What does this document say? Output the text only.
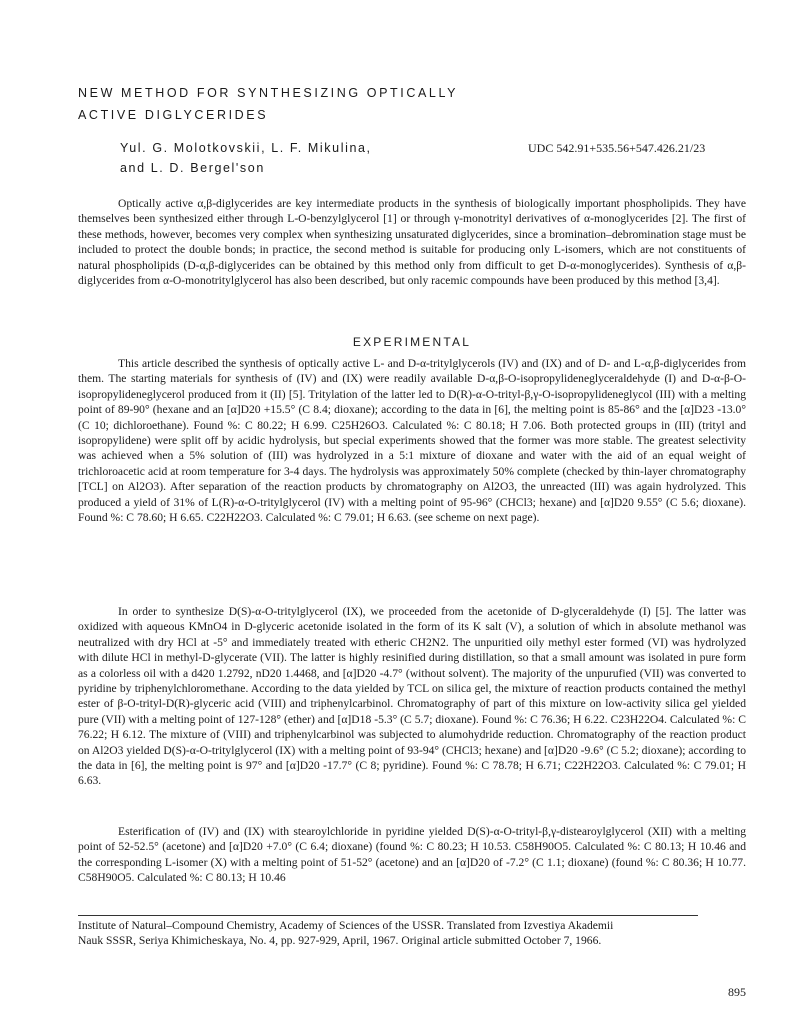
NEW METHOD FOR SYNTHESIZING OPTICALLY
ACTIVE DIGLYCERIDES
Yul. G. Molotkovskii, L. F. Mikulina,
and L. D. Bergel'son
UDC 542.91+535.56+547.426.21/23

Optically active α,β-diglycerides are key intermediate products in the synthesis of biologically important phospholipids. They have themselves been synthesized either through L-O-benzylglycerol [1] or through γ-monotrityl derivatives of α-monoglycerides [2]. The first of these methods, however, becomes very complex when synthesizing unsaturated diglycerides, since a bromination–debromination stage must be included to protect the double bonds; in practice, the second method is suitable for producing only L-isomers, which are not constituents of natural phospholipids (D-α,β-diglycerides can be obtained by this method only from difficult to get D-α-monoglycerides). Synthesis of α,β-diglycerides from α-O-monotritylglycerol has also been described, but only racemic compounds have been produced by this method [3,4].

EXPERIMENTAL

This article described the synthesis of optically active L- and D-α-tritylglycerols (IV) and (IX) and of D- and L-α,β-diglycerides from them. The starting materials for synthesis of (IV) and (IX) were readily available D-α,β-O-isopropylideneglyceraldehyde (I) and D-α-β-O-isopropylideneglycerol produced from it (II) [5]. Tritylation of the latter led to D(R)-α-O-trityl-β,γ-O-isopropylideneglycol (III) with a melting point of 89-90° (hexane and an [α]D20 +15.5° (C 8.4; dioxane); according to the data in [6], the melting point is 85-86° and the [α]D23 -13.0° (C 10; dichloroethane). Found %: C 80.22; H 6.99. C25H26O3. Calculated %: C 80.18; H 7.06. Both protected groups in (III) (trityl and isopropylidene) were split off by acidic hydrolysis, but special experiments showed that the former was more stable. The greatest selectivity was achieved when a 5% solution of (III) was hydrolyzed in a 5:1 mixture of dioxane and water with the aid of an equal weight of trichloroacetic acid at room temperature for 3-4 days. The hydrolysis was approximately 50% complete (checked by thin-layer chromatography [TCL] on Al2O3). After separation of the reaction products by chromatography on Al2O3, the unreacted (III) was again hydrolyzed. This produced a yield of 31% of L(R)-α-O-tritylglycerol (IV) with a melting point of 95-96° (CHCl3; hexane) and [α]D20 9.55° (C 5.6; dioxane). Found %: C 78.60; H 6.65. C22H22O3. Calculated %: C 79.01; H 6.63. (see scheme on next page).

In order to synthesize D(S)-α-O-tritylglycerol (IX), we proceeded from the acetonide of D-glyceraldehyde (I) [5]. The latter was oxidized with aqueous KMnO4 in D-glyceric acetonide isolated in the form of its K salt (V), a solution of which in absolute methanol was neutralized with dry HCl at -5° and immediately treated with etheric CH2N2. The unpuritied oily methyl ester formed (VI) was hydrolyzed with dilute HCl in methyl-D-glycerate (VII). The latter is highly resinified during distillation, so that a small amount was isolated in pure form as a colorless oil with a d420 1.2792, nD20 1.4468, and [α]D20 -4.7° (without solvent). The majority of the unpurufied (VII) was converted to pyridine by triphenylchloromethane. According to the data yielded by TCL on silica gel, the mixture of reaction products contained the methyl ester of β-O-trityl-D(R)-glyceric acid (VIII) and triphenylcarbinol. Chromatography of part of this mixture on low-activity silica gel yielded pure (VII) with a melting point of 127-128° (ether) and [α]D18 -5.3° (C 5.7; dioxane). Found %: C 76.36; H 6.22. C23H22O4. Calculated %: C 76.22; H 6.12. The mixture of (VIII) and triphenylcarbinol was subjected to alumohydride reduction. Chromatography of the reaction product on Al2O3 yielded D(S)-α-O-tritylglycerol (IX) with a melting point of 93-94° (CHCl3; hexane) and [α]D20 -9.6° (C 5.2; dioxane); according to the data in [6], the melting point is 97° and [α]D20 -17.7° (C 8; pyridine). Found %: C 78.78; H 6.71; C22H22O3. Calculated %: C 79.01; H 6.63.

Esterification of (IV) and (IX) with stearoylchloride in pyridine yielded D(S)-α-O-trityl-β,γ-distearoylglycerol (XII) with a melting point of 52-52.5° (acetone) and [α]D20 +7.0° (C 6.4; dioxane) (found %: C 80.23; H 10.53. C58H90O5. Calculated %: C 80.13; H 10.46 and the corresponding L-isomer (X) with a melting point of 51-52° (acetone) and an [α]D20 of -7.2° (C 1.1; dioxane) (found %: C 80.36; H 10.77. C58H90O5. Calculated %: C 80.13; H 10.46

Institute of Natural–Compound Chemistry, Academy of Sciences of the USSR. Translated from Izvestiya Akademii Nauk SSSR, Seriya Khimicheskaya, No. 4, pp. 927-929, April, 1967. Original article submitted October 7, 1966.

895
